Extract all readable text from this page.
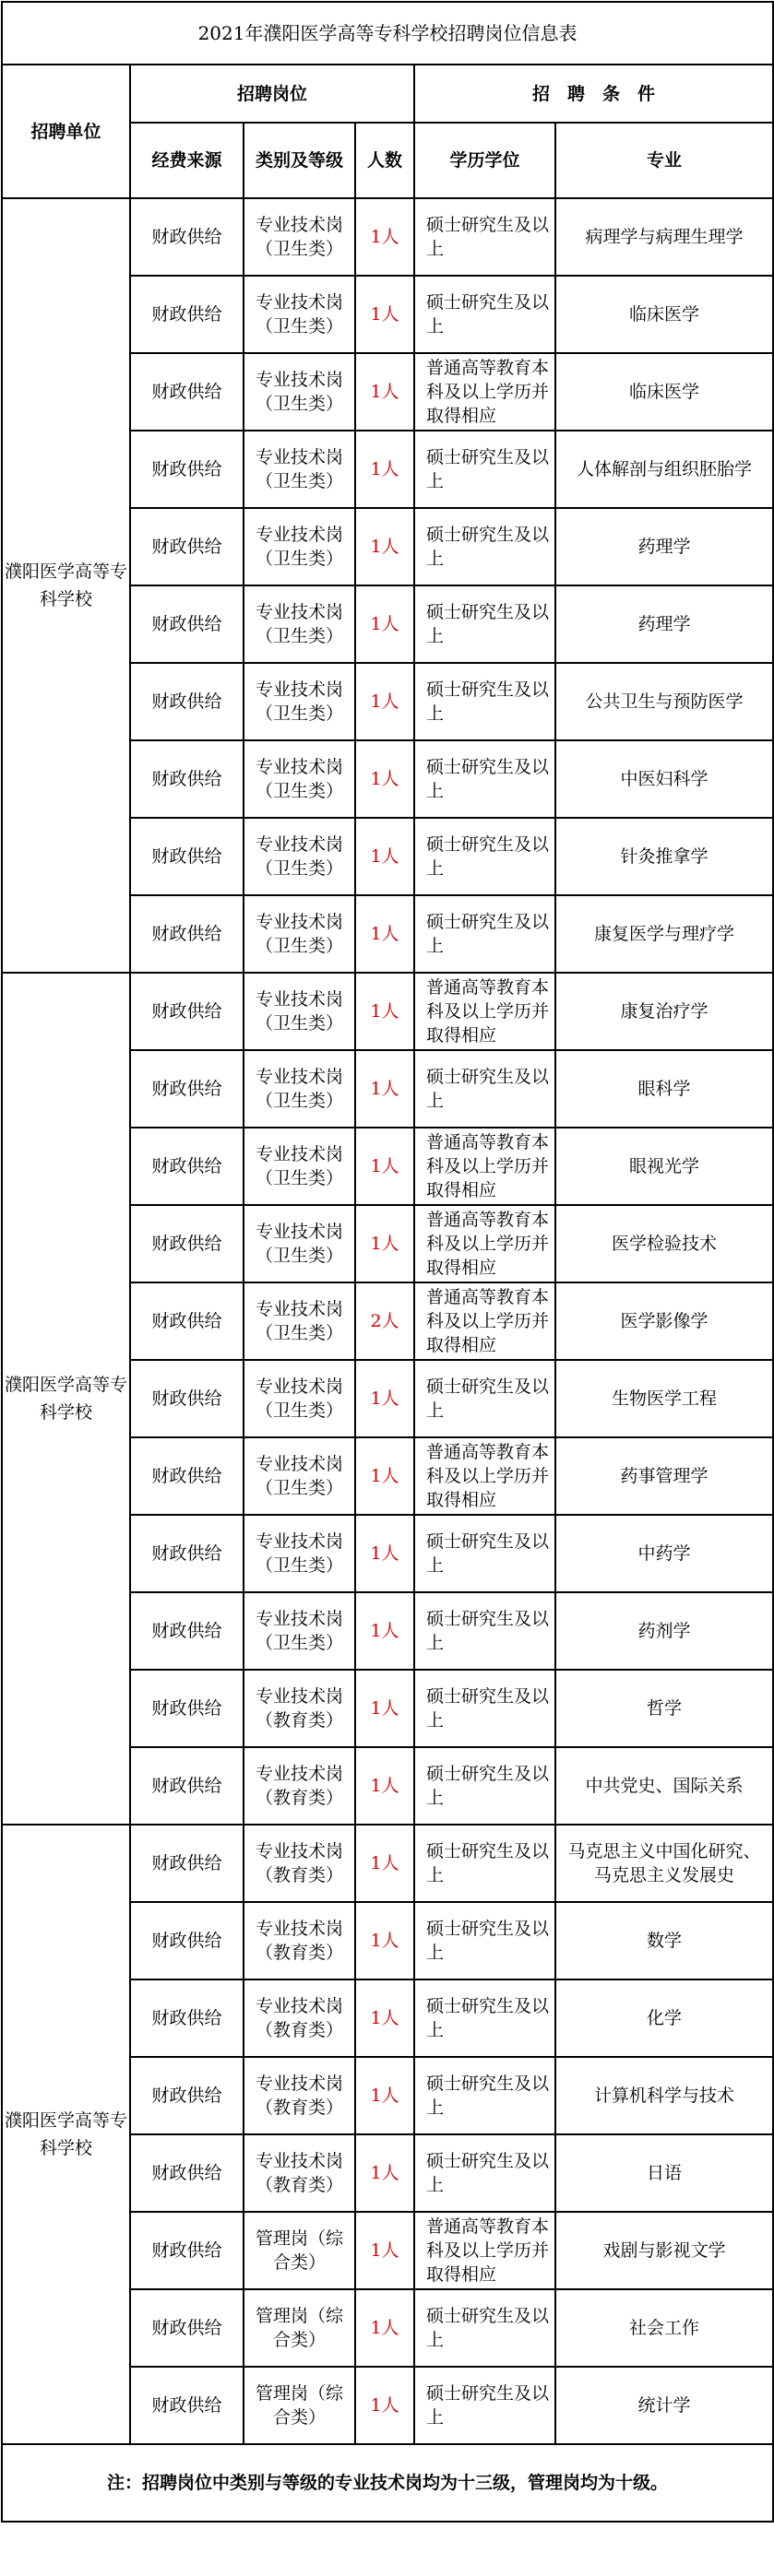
2021年濮阳医学高等专科学校招聘岗位信息表					
招聘单位	招聘岗位			招　聘　条　件	
	经费来源	类别及等级	人数	学历学位	专业
濮阳医学高等专科学校	财政供给	专业技术岗（卫生类）	1人	硕士研究生及以上	病理学与病理生理学
	财政供给	专业技术岗（卫生类）	1人	硕士研究生及以上	临床医学
	财政供给	专业技术岗（卫生类）	1人	普通高等教育本科及以上学历并取得相应	临床医学
	财政供给	专业技术岗（卫生类）	1人	硕士研究生及以上	人体解剖与组织胚胎学
	财政供给	专业技术岗（卫生类）	1人	硕士研究生及以上	药理学
	财政供给	专业技术岗（卫生类）	1人	硕士研究生及以上	药理学
	财政供给	专业技术岗（卫生类）	1人	硕士研究生及以上	公共卫生与预防医学
	财政供给	专业技术岗（卫生类）	1人	硕士研究生及以上	中医妇科学
	财政供给	专业技术岗（卫生类）	1人	硕士研究生及以上	针灸推拿学
	财政供给	专业技术岗（卫生类）	1人	硕士研究生及以上	康复医学与理疗学
濮阳医学高等专科学校	财政供给	专业技术岗（卫生类）	1人	普通高等教育本科及以上学历并取得相应	康复治疗学
	财政供给	专业技术岗（卫生类）	1人	硕士研究生及以上	眼科学
	财政供给	专业技术岗（卫生类）	1人	普通高等教育本科及以上学历并取得相应	眼视光学
	财政供给	专业技术岗（卫生类）	1人	普通高等教育本科及以上学历并取得相应	医学检验技术
	财政供给	专业技术岗（卫生类）	2人	普通高等教育本科及以上学历并取得相应	医学影像学
	财政供给	专业技术岗（卫生类）	1人	硕士研究生及以上	生物医学工程
	财政供给	专业技术岗（卫生类）	1人	普通高等教育本科及以上学历并取得相应	药事管理学
	财政供给	专业技术岗（卫生类）	1人	硕士研究生及以上	中药学
	财政供给	专业技术岗（卫生类）	1人	硕士研究生及以上	药剂学
	财政供给	专业技术岗（教育类）	1人	硕士研究生及以上	哲学
	财政供给	专业技术岗（教育类）	1人	硕士研究生及以上	中共党史、国际关系
濮阳医学高等专科学校	财政供给	专业技术岗（教育类）	1人	硕士研究生及以上	马克思主义中国化研究、马克思主义发展史
	财政供给	专业技术岗（教育类）	1人	硕士研究生及以上	数学
	财政供给	专业技术岗（教育类）	1人	硕士研究生及以上	化学
	财政供给	专业技术岗（教育类）	1人	硕士研究生及以上	计算机科学与技术
	财政供给	专业技术岗（教育类）	1人	硕士研究生及以上	日语
	财政供给	管理岗（综合类）	1人	普通高等教育本科及以上学历并取得相应	戏剧与影视文学
	财政供给	管理岗（综合类）	1人	硕士研究生及以上	社会工作
	财政供给	管理岗（综合类）	1人	硕士研究生及以上	统计学
注：招聘岗位中类别与等级的专业技术岗均为十三级，管理岗均为十级。					
